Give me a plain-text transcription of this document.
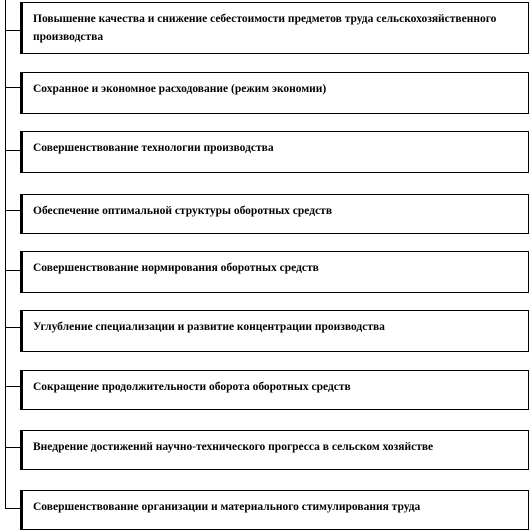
Повышение качества и снижение себестоимости предметов труда сельскохозяйственного производства
Сохранное и экономное расходование (режим экономии)
Совершенствование технологии производства
Обеспечение оптимальной структуры оборотных средств
Совершенствование нормирования оборотных средств
Углубление специализации и развитие концентрации производства
Сокращение продолжительности оборота оборотных средств
Внедрение достижений научно-технического прогресса в сельском хозяйстве
Совершенствование организации и материального стимулирования труда
